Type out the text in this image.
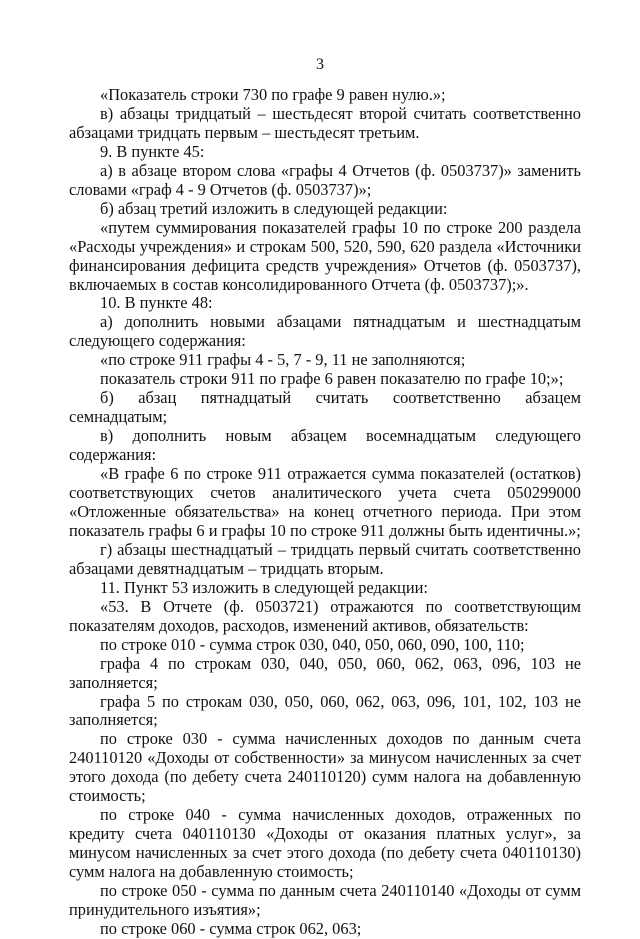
3

«Показатель строки 730 по графе 9 равен нулю.»;

в) абзацы тридцатый – шестьдесят второй считать соответственно абзацами тридцать первым – шестьдесят третьим.

9. В пункте 45:

а) в абзаце втором слова «графы 4 Отчетов (ф. 0503737)» заменить словами «граф 4 - 9 Отчетов (ф. 0503737)»;

б) абзац третий изложить в следующей редакции:

«путем суммирования показателей графы 10 по строке 200 раздела «Расходы учреждения» и строкам 500, 520, 590, 620 раздела «Источники финансирования дефицита средств учреждения» Отчетов (ф. 0503737), включаемых в состав консолидированного Отчета (ф. 0503737);».

10. В пункте 48:

а) дополнить новыми абзацами пятнадцатым и шестнадцатым следующего содержания:

«по строке 911 графы 4 - 5, 7 - 9, 11 не заполняются;

показатель строки 911 по графе 6 равен показателю по графе 10;»;

б) абзац пятнадцатый считать соответственно абзацем семнадцатым;

в) дополнить новым абзацем восемнадцатым следующего содержания:

«В графе 6 по строке 911 отражается сумма показателей (остатков) соответствующих счетов аналитического учета счета 050299000 «Отложенные обязательства» на конец отчетного периода. При этом показатель графы 6 и графы 10 по строке 911 должны быть идентичны.»;

г) абзацы шестнадцатый – тридцать первый считать соответственно абзацами девятнадцатым – тридцать вторым.

11. Пункт 53 изложить в следующей редакции:

«53. В Отчете (ф. 0503721) отражаются по соответствующим показателям доходов, расходов, изменений активов, обязательств:

по строке 010 - сумма строк 030, 040, 050, 060, 090, 100, 110;

графа 4 по строкам 030, 040, 050, 060, 062, 063, 096, 103 не заполняется;

графа 5 по строкам 030, 050, 060, 062, 063, 096, 101, 102, 103 не заполняется;

по строке 030 - сумма начисленных доходов по данным счета 240110120 «Доходы от собственности» за минусом начисленных за счет этого дохода (по дебету счета 240110120) сумм налога на добавленную стоимость;

по строке 040 - сумма начисленных доходов, отраженных по кредиту счета 040110130 «Доходы от оказания платных услуг», за минусом начисленных за счет этого дохода (по дебету счета 040110130) сумм налога на добавленную стоимость;

по строке 050 - сумма по данным счета 240110140 «Доходы от сумм принудительного изъятия»;

по строке 060 - сумма строк 062, 063;
